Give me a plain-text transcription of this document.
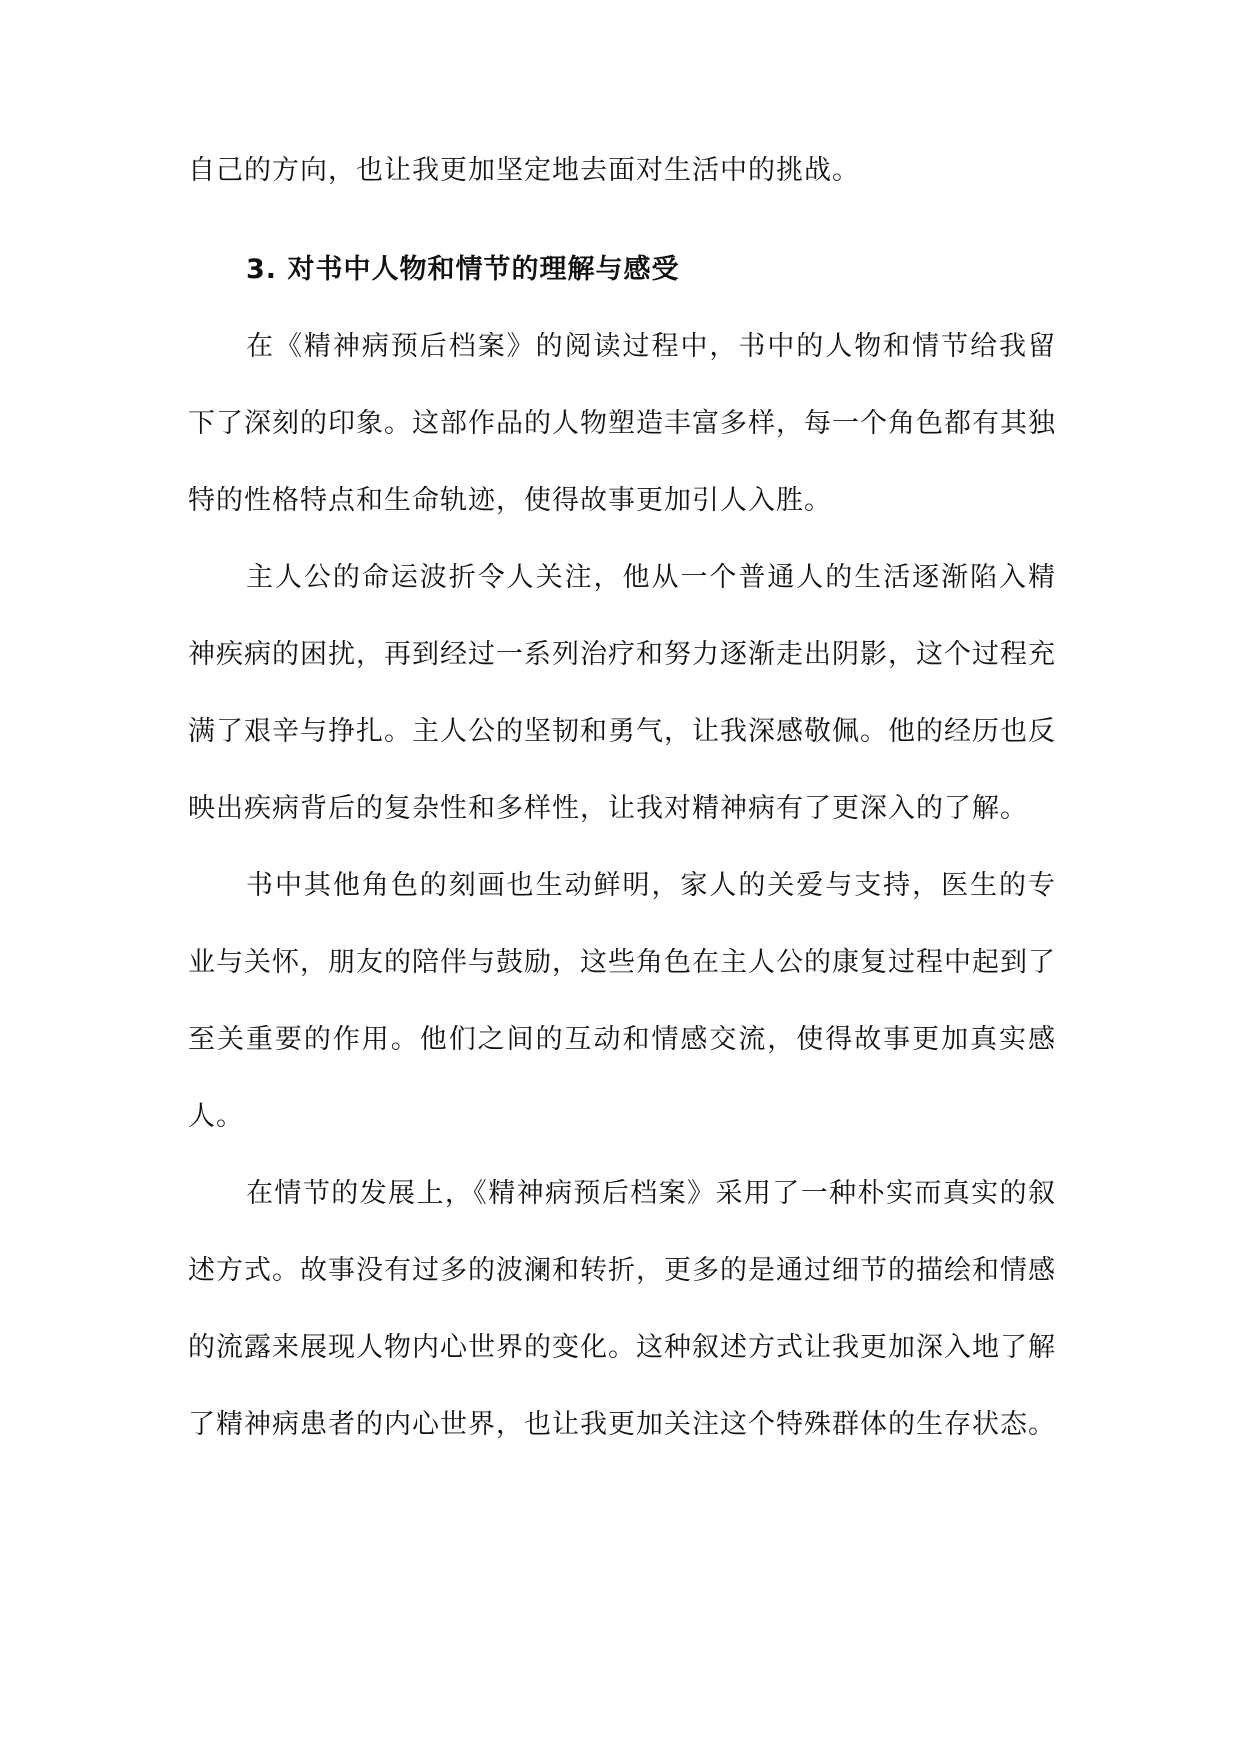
自己的方向，也让我更加坚定地去面对生活中的挑战。

3. 对书中人物和情节的理解与感受

在《精神病预后档案》的阅读过程中，书中的人物和情节给我留下了深刻的印象。这部作品的人物塑造丰富多样，每一个角色都有其独特的性格特点和生命轨迹，使得故事更加引人入胜。

主人公的命运波折令人关注，他从一个普通人的生活逐渐陷入精神疾病的困扰，再到经过一系列治疗和努力逐渐走出阴影，这个过程充满了艰辛与挣扎。主人公的坚韧和勇气，让我深感敬佩。他的经历也反映出疾病背后的复杂性和多样性，让我对精神病有了更深入的了解。

书中其他角色的刻画也生动鲜明，家人的关爱与支持，医生的专业与关怀，朋友的陪伴与鼓励，这些角色在主人公的康复过程中起到了至关重要的作用。他们之间的互动和情感交流，使得故事更加真实感人。

在情节的发展上，《精神病预后档案》采用了一种朴实而真实的叙述方式。故事没有过多的波澜和转折，更多的是通过细节的描绘和情感的流露来展现人物内心世界的变化。这种叙述方式让我更加深入地了解了精神病患者的内心世界，也让我更加关注这个特殊群体的生存状态。
